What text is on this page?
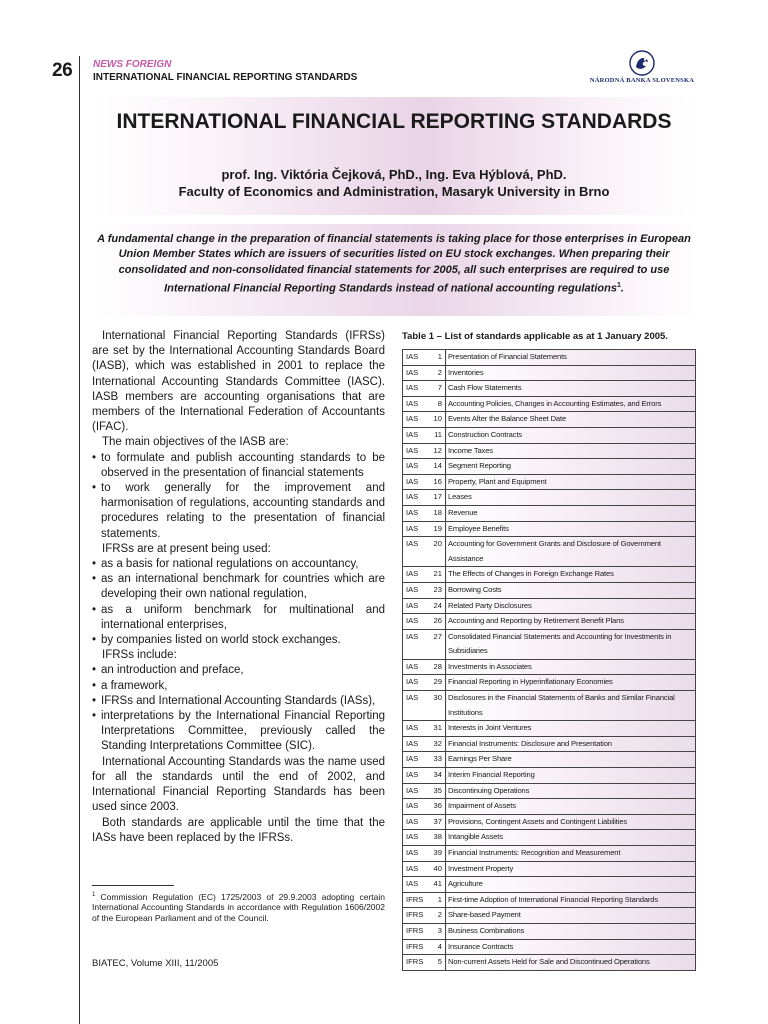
26 NEWS FOREIGN
INTERNATIONAL FINANCIAL REPORTING STANDARDS	NÁRODNÁ BANKA SLOVENSKA
INTERNATIONAL FINANCIAL REPORTING STANDARDS
prof. Ing. Viktória Čejková, PhD., Ing. Eva Hýblová, PhD.
Faculty of Economics and Administration, Masaryk University in Brno
A fundamental change in the preparation of financial statements is taking place for those enterprises in European Union Member States which are issuers of securities listed on EU stock exchanges. When preparing their consolidated and non-consolidated financial statements for 2005, all such enterprises are required to use International Financial Reporting Standards instead of national accounting regulations$^1$.

International Financial Reporting Standards (IFRSs) are set by the International Accounting Standards Board (IASB), which was established in 2001 to replace the International Accounting Standards Committee (IASC). IASB members are accounting organisations that are members of the International Federation of Accountants (IFAC).

The main objectives of the IASB are:

• to formulate and publish accounting standards to be observed in the presentation of financial statements
• to work generally for the improvement and harmonisation of regulations, accounting standards and procedures relating to the presentation of financial statements.

IFRSs are at present being used:

• as a basis for national regulations on accountancy,
• as an international benchmark for countries which are developing their own national regulation,
• as a uniform benchmark for multinational and international enterprises,
• by companies listed on world stock exchanges.

IFRSs include:

• an introduction and preface,
• a framework,
• IFRSs and International Accounting Standards (IASs),
• interpretations by the International Financial Reporting Interpretations Committee, previously called the Standing Interpretations Committee (SIC).

International Accounting Standards was the name used for all the standards until the end of 2002, and International Financial Reporting Standards has been used since 2003.

Both standards are applicable until the time that the IASs have been replaced by the IFRSs.

$^1$ Commission Regulation (EC) 1725/2003 of 29.9.2003 adopting certain International Accounting Standards in accordance with Regulation 1606/2002 of the European Parliament and of the Council.
BIATEC, Volume XIII, 11/2005
Table 1 – List of standards applicable as at 1 January 2005.
IAS 1	Presentation of Financial Statements
IAS 2	Inventories
IAS 7	Cash Flow Statements
IAS 8	Accounting Policies, Changes in Accounting Estimates, and Errors
IAS 10	Events After the Balance Sheet Date
IAS 11	Construction Contracts
IAS 12	Income Taxes
IAS 14	Segment Reporting
IAS 16	Property, Plant and Equipment
IAS 17	Leases
IAS 18	Revenue
IAS 19	Employee Benefits
IAS 20	Accounting for Government Grants and Disclosure of Government Assistance
IAS 21	The Effects of Changes in Foreign Exchange Rates
IAS 23	Borrowing Costs
IAS 24	Related Party Disclosures
IAS 26	Accounting and Reporting by Retirement Benefit Plans
IAS 27	Consolidated Financial Statements and Accounting for Investments in Subsidiaries
IAS 28	Investments in Associates
IAS 29	Financial Reporting in Hyperinflationary Economies
IAS 30	Disclosures in the Financial Statements of Banks and Similar Financial Institutions
IAS 31	Interests in Joint Ventures
IAS 32	Financial Instruments: Disclosure and Presentation
IAS 33	Earnings Per Share
IAS 34	Interim Financial Reporting
IAS 35	Discontinuing Operations
IAS 36	Impairment of Assets
IAS 37	Provisions, Contingent Assets and Contingent Liabilities
IAS 38	Intangible Assets
IAS 39	Financial Instruments: Recognition and Measurement
IAS 40	Investment Property
IAS 41	Agriculture
IFRS 1	First-time Adoption of International Financial Reporting Standards
IFRS 2	Share-based Payment
IFRS 3	Business Combinations
IFRS 4	Insurance Contracts
IFRS 5	Non-current Assets Held for Sale and Discontinued Operations
